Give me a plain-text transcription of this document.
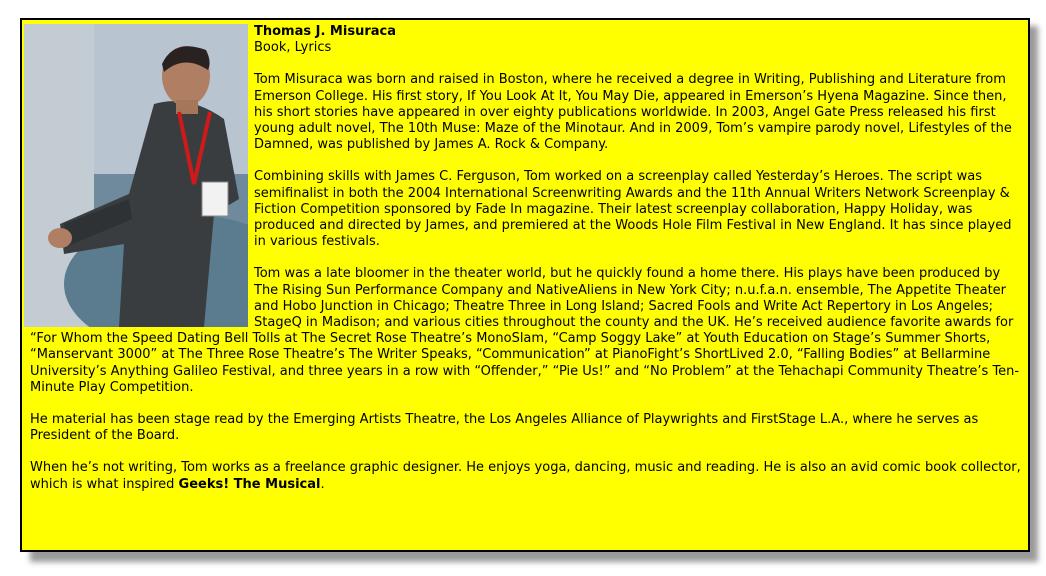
Thomas J. Misuraca

Book, Lyrics

Tom Misuraca was born and raised in Boston, where he received a degree in Writing, Publishing and Literature from Emerson College. His first story, If You Look At It, You May Die, appeared in Emerson’s Hyena Magazine. Since then, his short stories have appeared in over eighty publications worldwide. In 2003, Angel Gate Press released his first young adult novel, The 10th Muse: Maze of the Minotaur. And in 2009, Tom’s vampire parody novel, Lifestyles of the Damned, was published by James A. Rock & Company.

Combining skills with James C. Ferguson, Tom worked on a screenplay called Yesterday’s Heroes. The script was semifinalist in both the 2004 International Screenwriting Awards and the 11th Annual Writers Network Screenplay & Fiction Competition sponsored by Fade In magazine. Their latest screenplay collaboration, Happy Holiday, was produced and directed by James, and premiered at the Woods Hole Film Festival in New England. It has since played in various festivals.

Tom was a late bloomer in the theater world, but he quickly found a home there. His plays have been produced by The Rising Sun Performance Company and NativeAliens in New York City; n.u.f.a.n. ensemble, The Appetite Theater and Hobo Junction in Chicago; Theatre Three in Long Island; Sacred Fools and Write Act Repertory in Los Angeles; StageQ in Madison; and various cities throughout the county and the UK. He’s received audience favorite awards for “For Whom the Speed Dating Bell Tolls at The Secret Rose Theatre’s MonoSlam, “Camp Soggy Lake” at Youth Education on Stage’s Summer Shorts, “Manservant 3000” at The Three Rose Theatre’s The Writer Speaks, “Communication” at PianoFight’s ShortLived 2.0, “Falling Bodies” at Bellarmine University’s Anything Galileo Festival, and three years in a row with “Offender,” “Pie Us!” and “No Problem” at the Tehachapi Community Theatre’s Ten-Minute Play Competition.

He material has been stage read by the Emerging Artists Theatre, the Los Angeles Alliance of Playwrights and FirstStage L.A., where he serves as President of the Board.

When he’s not writing, Tom works as a freelance graphic designer. He enjoys yoga, dancing, music and reading. He is also an avid comic book collector, which is what inspired Geeks! The Musical.
